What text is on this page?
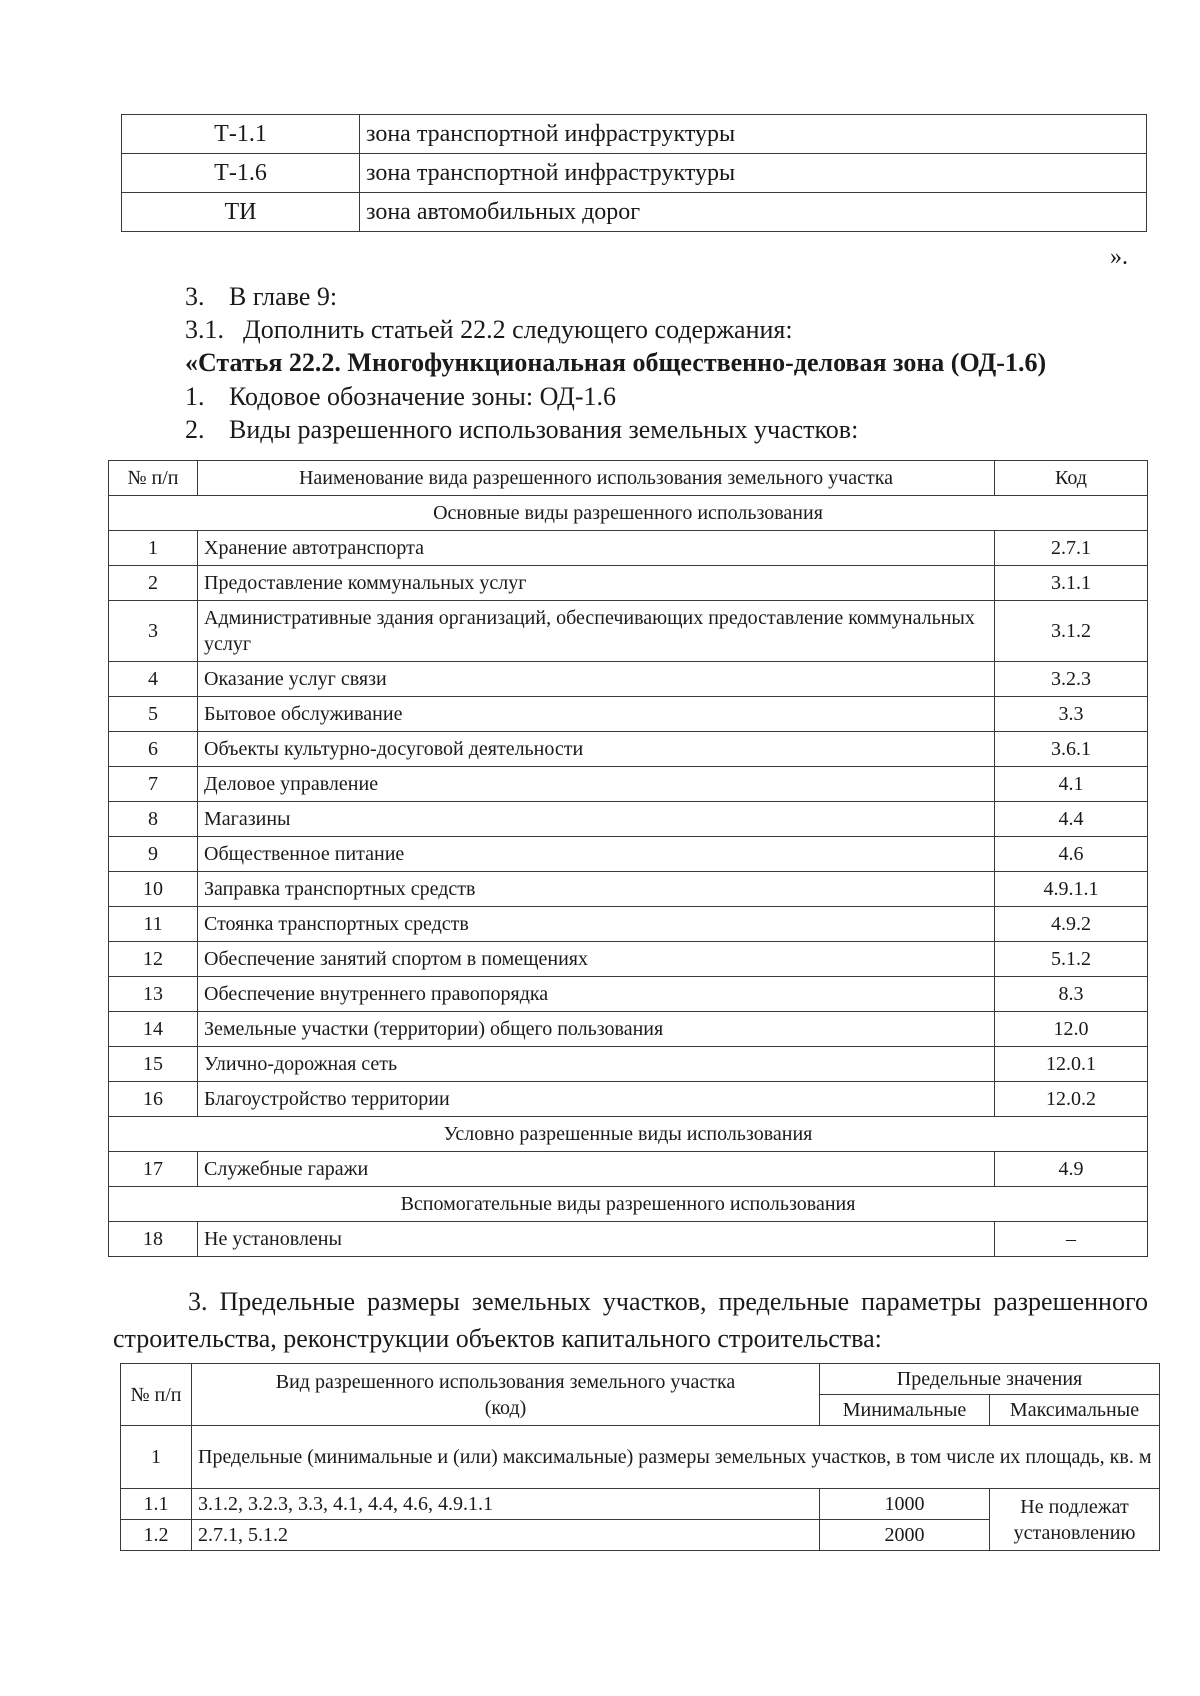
Т-1.1	зона транспортной инфраструктуры
Т-1.6	зона транспортной инфраструктуры
ТИ	зона автомобильных дорог
».
3. В главе 9:
3.1. Дополнить статьей 22.2 следующего содержания:
«Статья 22.2. Многофункциональная общественно-деловая зона (ОД-1.6)
1. Кодовое обозначение зоны: ОД-1.6
2. Виды разрешенного использования земельных участков:
№ п/п	Наименование вида разрешенного использования земельного участка	Код
Основные виды разрешенного использования		
1	Хранение автотранспорта	2.7.1
2	Предоставление коммунальных услуг	3.1.1
3	Административные здания организаций, обеспечивающих предоставление коммунальных услуг	3.1.2
4	Оказание услуг связи	3.2.3
5	Бытовое обслуживание	3.3
6	Объекты культурно-досуговой деятельности	3.6.1
7	Деловое управление	4.1
8	Магазины	4.4
9	Общественное питание	4.6
10	Заправка транспортных средств	4.9.1.1
11	Стоянка транспортных средств	4.9.2
12	Обеспечение занятий спортом в помещениях	5.1.2
13	Обеспечение внутреннего правопорядка	8.3
14	Земельные участки (территории) общего пользования	12.0
15	Улично-дорожная сеть	12.0.1
16	Благоустройство территории	12.0.2
Условно разрешенные виды использования		
17	Служебные гаражи	4.9
Вспомогательные виды разрешенного использования		
18	Не установлены	–
3. Предельные размеры земельных участков, предельные параметры разрешенного строительства, реконструкции объектов капитального строительства:
№ п/п	Вид разрешенного использования земельного участка (код)	Предельные значения	
		Минимальные	Максимальные
1	Предельные (минимальные и (или) максимальные) размеры земельных участков, в том числе их площадь, кв. м		
1.1	3.1.2, 3.2.3, 3.3, 4.1, 4.4, 4.6, 4.9.1.1	1000	Не подлежат установлению
1.2	2.7.1, 5.1.2	2000	
